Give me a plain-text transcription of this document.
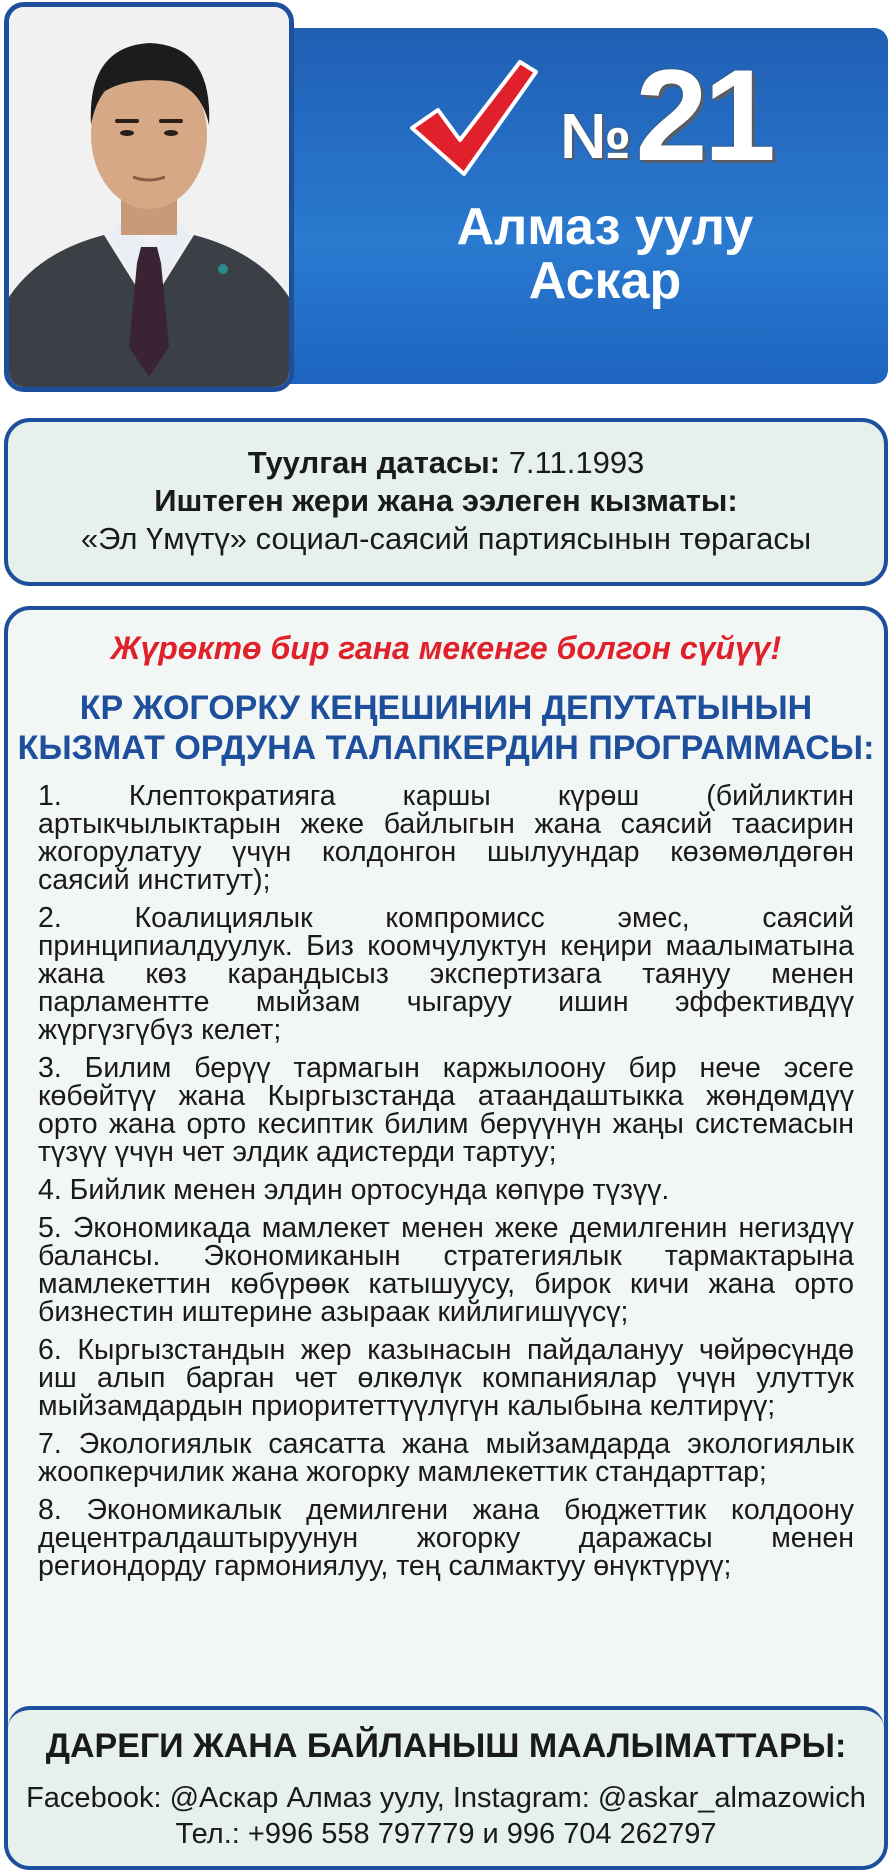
№ 21
Алмаз уулу
Аскар
Туулган датасы: 7.11.1993
Иштеген жери жана ээлеген кызматы:
«Эл Үмүтү» социал-саясий партиясынын төрагасы
Жүрөктө бир гана мекенге болгон сүйүү!
КР ЖОГОРКУ КЕҢЕШИНИН ДЕПУТАТЫНЫН
КЫЗМАТ ОРДУНА ТАЛАПКЕРДИН ПРОГРАММАСЫ:
1. Клептократияга каршы күрөш (бийликтин артыкчылыктарын жеке байлыгын жана саясий таасирин жогорулатуу үчүн колдонгон шылуундар көзөмөлдөгөн саясий институт);
2. Коалициялык компромисс эмес, саясий принципиалдуулук. Биз коомчулуктун кеңири маалыматына жана көз карандысыз экспертизага таянуу менен парламентте мыйзам чыгаруу ишин эффективдүү жүргүзгүбүз келет;
3. Билим берүү тармагын каржылоону бир нече эсеге көбөйтүү жана Кыргызстанда атаандаштыкка жөндөмдүү орто жана орто кесиптик билим берүүнүн жаңы системасын түзүү үчүн чет элдик адистерди тартуу;
4. Бийлик менен элдин ортосунда көпүрө түзүү.
5. Экономикада мамлекет менен жеке демилгенин негиздүү балансы. Экономиканын стратегиялык тармактарына мамлекеттин көбүрөөк катышуусу, бирок кичи жана орто бизнестин иштерине азыраак кийлигишүүсү;
6. Кыргызстандын жер казынасын пайдалануу чөйрөсүндө иш алып барган чет өлкөлүк компаниялар үчүн улуттук мыйзамдардын приоритеттүүлүгүн калыбына келтирүү;
7. Экологиялык саясатта жана мыйзамдарда экологиялык жоопкерчилик жана жогорку мамлекеттик стандарттар;
8. Экономикалык демилгени жана бюджеттик колдоону децентралдаштыруунун жогорку даражасы менен региондорду гармониялуу, тең салмактуу өнүктүрүү;
ДАРЕГИ ЖАНА БАЙЛАНЫШ МААЛЫМАТТАРЫ:
Facebook: @Аскар Алмаз уулу, Instagram: @askar_almazowich
Тел.: +996 558 797779 и 996 704 262797
